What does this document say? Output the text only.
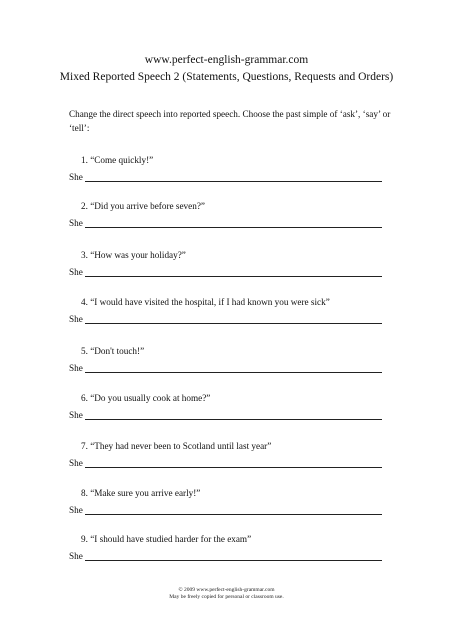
www.perfect-english-grammar.com
Mixed Reported Speech 2 (Statements, Questions, Requests and Orders)
Change the direct speech into reported speech. Choose the past simple of ‘ask’, ‘say’ or ‘tell’:
1. “Come quickly!”
She
2. “Did you arrive before seven?”
She
3. “How was your holiday?”
She
4. “I would have visited the hospital, if I had known you were sick”
She
5. “Don't touch!”
She
6. “Do you usually cook at home?”
She
7. “They had never been to Scotland until last year”
She
8. “Make sure you arrive early!”
She
9. “I should have studied harder for the exam”
She
© 2009 www.perfect-english-grammar.com
May be freely copied for personal or classroom use.
